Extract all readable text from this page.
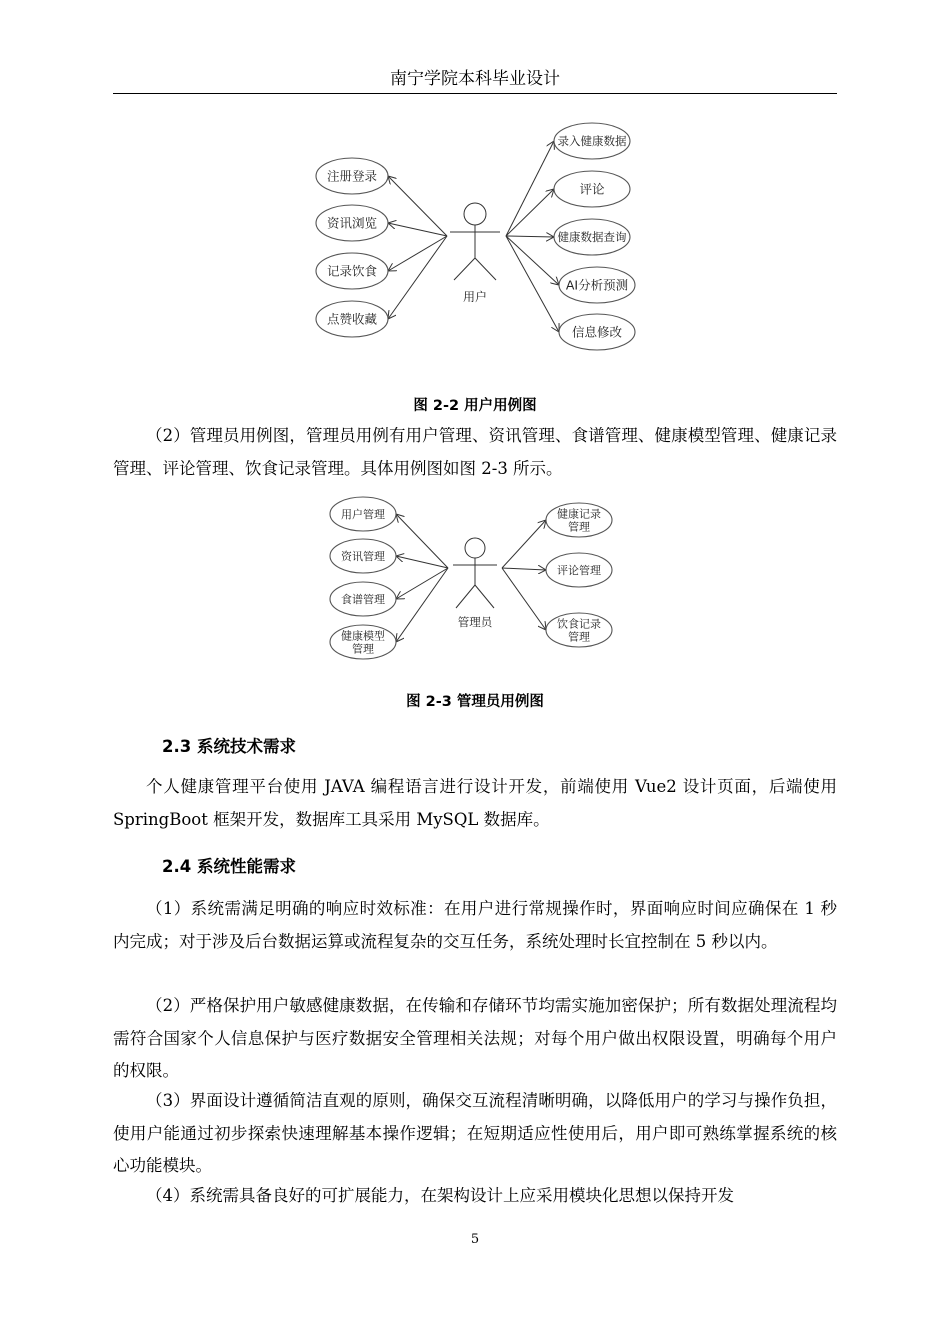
南宁学院本科毕业设计
用户
注册登录
资讯浏览
记录饮食
点赞收藏
录入健康数据
评论
健康数据查询
AI分析预测
信息修改
图 2-2 用户用例图

（2）管理员用例图，管理员用例有用户管理、资讯管理、食谱管理、健康模型管理、健康记录管理、评论管理、饮食记录管理。具体用例图如图 2-3 所示。

管理员
用户管理
资讯管理
食谱管理
健康模型管理
健康记录管理
评论管理
饮食记录管理
图 2-3 管理员用例图
2.3 系统技术需求

个人健康管理平台使用 JAVA 编程语言进行设计开发，前端使用 Vue2 设计页面，后端使用 SpringBoot 框架开发，数据库工具采用 MySQL 数据库。

2.4 系统性能需求

（1）系统需满足明确的响应时效标准：在用户进行常规操作时，界面响应时间应确保在 1 秒内完成；对于涉及后台数据运算或流程复杂的交互任务，系统处理时长宜控制在 5 秒以内。

（2）严格保护用户敏感健康数据，在传输和存储环节均需实施加密保护；所有数据处理流程均需符合国家个人信息保护与医疗数据安全管理相关法规；对每个用户做出权限设置，明确每个用户的权限。

（3）界面设计遵循简洁直观的原则，确保交互流程清晰明确，以降低用户的学习与操作负担，使用户能通过初步探索快速理解基本操作逻辑；在短期适应性使用后，用户即可熟练掌握系统的核心功能模块。

（4）系统需具备良好的可扩展能力，在架构设计上应采用模块化思想以保持开发

5
